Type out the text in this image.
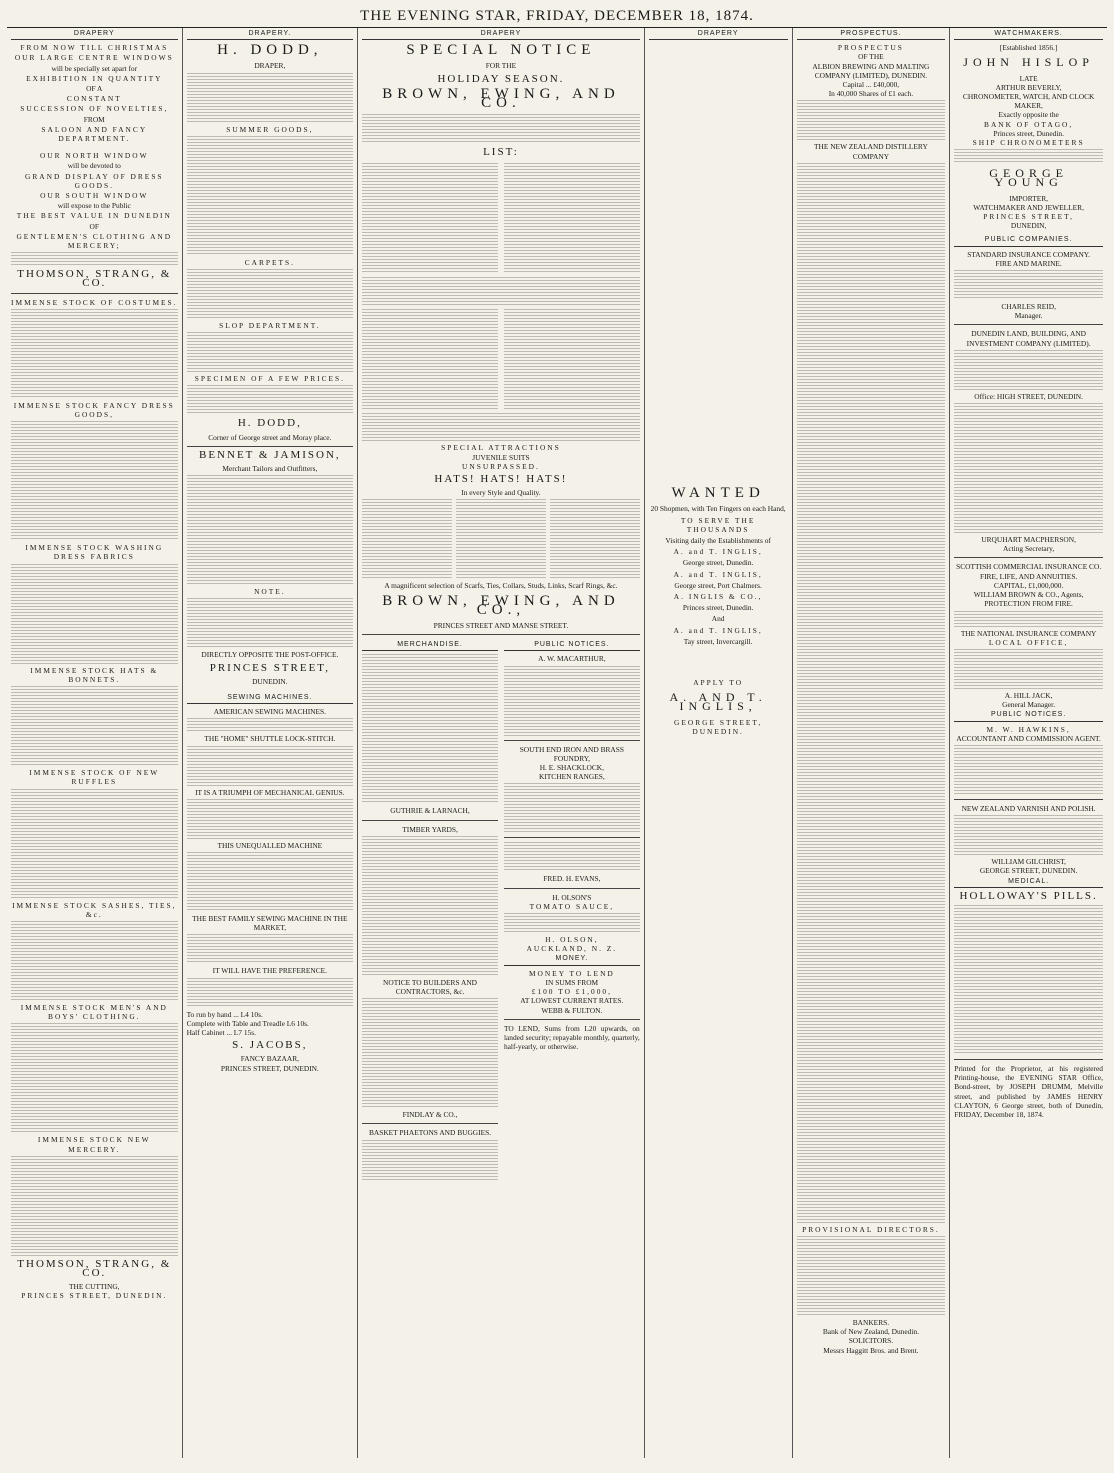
THE EVENING STAR, FRIDAY, DECEMBER 18, 1874.
DRAPERY
FROM NOW TILL CHRISTMAS
OUR LARGE CENTRE WINDOWS
will be specially set apart for
EXHIBITION IN QUANTITY
OF A
CONSTANT
SUCCESSION OF NOVELTIES,
FROM
SALOON AND FANCY DEPARTMENT.
OUR NORTH WINDOW
will be devoted to
GRAND DISPLAY OF DRESS GOODS.
OUR SOUTH WINDOW
will expose to the Public
THE BEST VALUE IN DUNEDIN
OF
GENTLEMEN'S CLOTHING AND MERCERY;
THOMSON, STRANG, & CO.
IMMENSE STOCK OF COSTUMES.
IMMENSE STOCK FANCY DRESS GOODS,
IMMENSE STOCK WASHING DRESS FABRICS
IMMENSE STOCK HATS & BONNETS.
IMMENSE STOCK OF NEW RUFFLES
IMMENSE STOCK SASHES, TIES, &c.
IMMENSE STOCK MEN'S AND BOYS' CLOTHING.
IMMENSE STOCK NEW MERCERY.
THOMSON, STRANG, & CO.
THE CUTTING,
PRINCES STREET, DUNEDIN.
DRAPERY.
H. DODD,
DRAPER,
SUMMER GOODS,
CARPETS.
SLOP DEPARTMENT.
SPECIMEN OF A FEW PRICES.
H. DODD,
Corner of George street and Moray place.
BENNET & JAMISON,
Merchant Tailors and Outfitters,
NOTE.
DIRECTLY OPPOSITE THE POST-OFFICE.
PRINCES STREET,
DUNEDIN.
SEWING MACHINES.
AMERICAN SEWING MACHINES.
THE "HOME" SHUTTLE LOCK-STITCH.
IT IS A TRIUMPH OF MECHANICAL GENIUS.
THIS UNEQUALLED MACHINE
THE BEST FAMILY SEWING MACHINE IN THE MARKET,
IT WILL HAVE THE PREFERENCE.
To run by hand ... L4 10s.
Complete with Table and Treadle L6 10s.
Half Cabinet ... L7 15s.
S. JACOBS,
FANCY BAZAAR,
PRINCES STREET, DUNEDIN.
DRAPERY
SPECIAL NOTICE
FOR THE
HOLIDAY SEASON.
BROWN, EWING, AND CO.
LIST:
SPECIAL ATTRACTIONS
JUVENILE SUITS
UNSURPASSED.
HATS! HATS! HATS!
In every Style and Quality.
A magnificent selection of Scarfs, Ties, Collars, Studs, Links, Scarf Rings, &c.
BROWN, EWING, AND CO.,
PRINCES STREET AND MANSE STREET.
MERCHANDISE.
GUTHRIE & LARNACH,
TIMBER YARDS,
NOTICE TO BUILDERS AND CONTRACTORS, &c.
FINDLAY & CO.,
BASKET PHAETONS AND BUGGIES.
PUBLIC NOTICES.
A. W. MACARTHUR,
SOUTH END IRON AND BRASS FOUNDRY,
H. E. SHACKLOCK,
KITCHEN RANGES,
FRED. H. EVANS,
H. OLSON'S
TOMATO SAUCE,
H. OLSON,
AUCKLAND, N. Z.
MONEY.
MONEY TO LEND
IN SUMS FROM
£100 TO £1,000,
AT LOWEST CURRENT RATES.
WEBB & FULTON.

TO LEND, Sums from L20 upwards, on landed security; repayable monthly, quarterly, half-yearly, or otherwise.

DRAPERY
WANTED

20 Shopmen, with Ten Fingers on each Hand,

TO SERVE THE THOUSANDS

Visiting daily the Establishments of

A. and T. INGLIS,

George street, Dunedin.

A. and T. INGLIS,

George street, Port Chalmers.

A. INGLIS & CO.,

Princes street, Dunedin.

And

A. and T. INGLIS,

Tay street, Invercargill.

APPLY TO
A. AND T. INGLIS,
GEORGE STREET,
DUNEDIN.
PROSPECTUS.
PROSPECTUS
OF THE
ALBION BREWING AND MALTING COMPANY (LIMITED), DUNEDIN.
Capital ... £40,000,
In 40,000 Shares of £1 each.
THE NEW ZEALAND DISTILLERY COMPANY
PROVISIONAL DIRECTORS.
BANKERS.
Bank of New Zealand, Dunedin.
SOLICITORS.
Messrs Haggitt Bros. and Brent.
WATCHMAKERS.
[Established 1856.]
JOHN HISLOP
LATE
ARTHUR BEVERLY,
CHRONOMETER, WATCH, AND CLOCK MAKER,
Exactly opposite the
BANK OF OTAGO,
Princes street, Dunedin.
SHIP CHRONOMETERS
GEORGE YOUNG
IMPORTER,
WATCHMAKER AND JEWELLER,
PRINCES STREET,
DUNEDIN,
PUBLIC COMPANIES.
STANDARD INSURANCE COMPANY.
FIRE AND MARINE.
CHARLES REID,
Manager.
DUNEDIN LAND, BUILDING, AND INVESTMENT COMPANY (LIMITED).
Office: HIGH STREET, DUNEDIN.
URQUHART MACPHERSON,
Acting Secretary,
SCOTTISH COMMERCIAL INSURANCE CO.
FIRE, LIFE, AND ANNUITIES.
CAPITAL, £1,000,000.
WILLIAM BROWN & CO., Agents,
PROTECTION FROM FIRE.
THE NATIONAL INSURANCE COMPANY
LOCAL OFFICE,
A. HILL JACK,
General Manager.
PUBLIC NOTICES.
M. W. HAWKINS,
ACCOUNTANT AND COMMISSION AGENT.
NEW ZEALAND VARNISH AND POLISH.
WILLIAM GILCHRIST,
GEORGE STREET, DUNEDIN.
MEDICAL.
HOLLOWAY'S PILLS.

Printed for the Proprietor, at his registered Printing-house, the EVENING STAR Office, Bond-street, by JOSEPH DRUMM, Melville street, and published by JAMES HENRY CLAYTON, 6 George street, both of Dunedin, FRIDAY, December 18, 1874.
